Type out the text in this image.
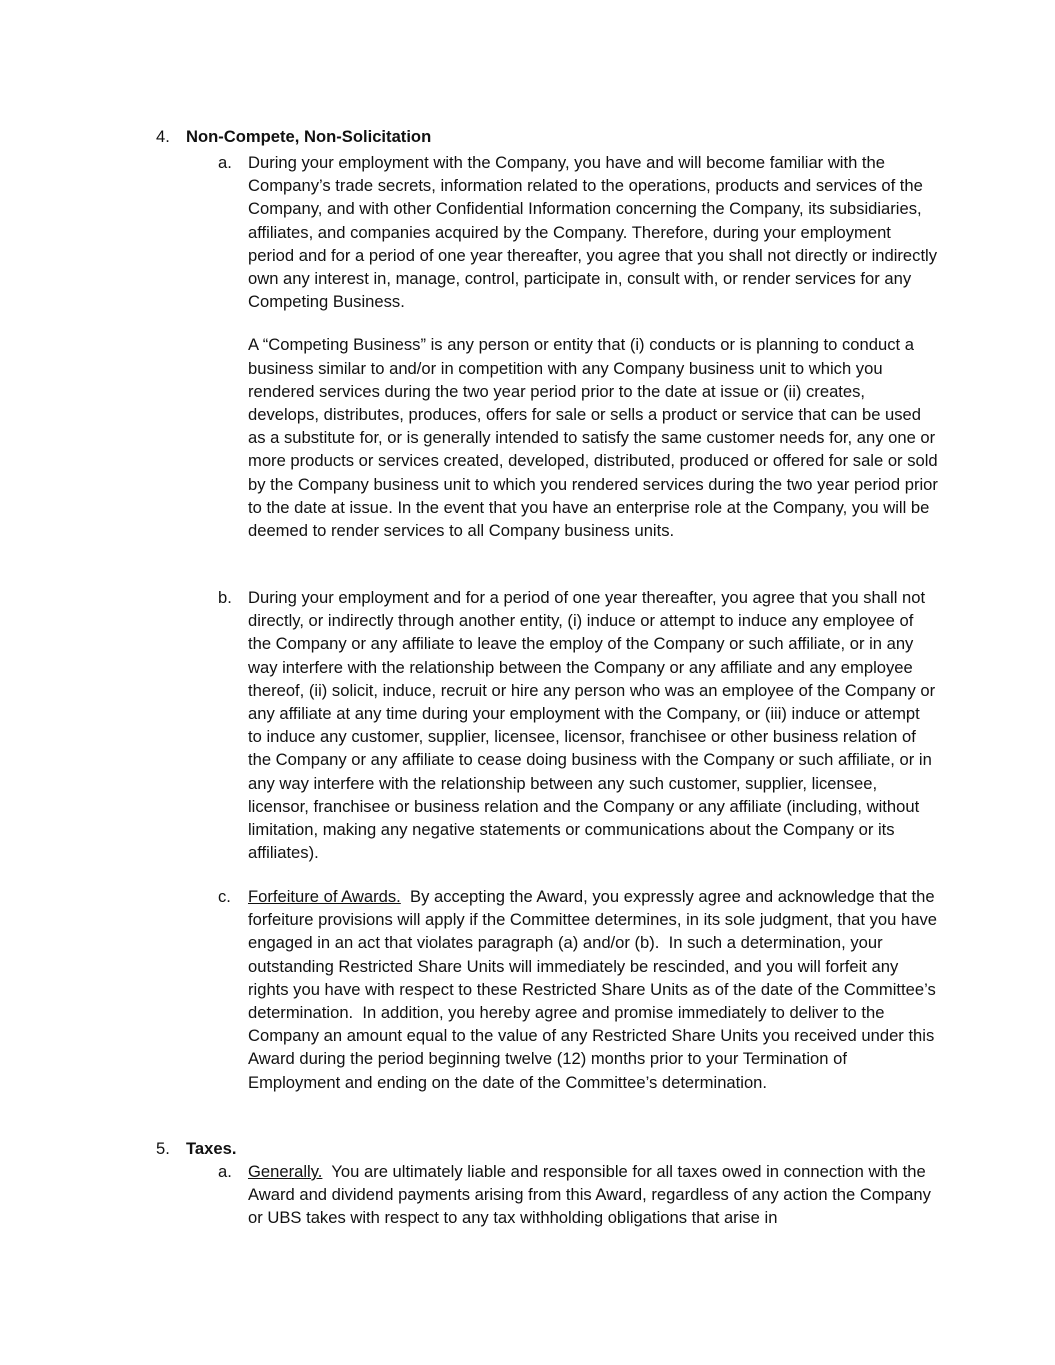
4. Non-Compete, Non-Solicitation
a. During your employment with the Company, you have and will become familiar with the Company’s trade secrets, information related to the operations, products and services of the Company, and with other Confidential Information concerning the Company, its subsidiaries, affiliates, and companies acquired by the Company. Therefore, during your employment period and for a period of one year thereafter, you agree that you shall not directly or indirectly own any interest in, manage, control, participate in, consult with, or render services for any Competing Business.

A “Competing Business” is any person or entity that (i) conducts or is planning to conduct a business similar to and/or in competition with any Company business unit to which you rendered services during the two year period prior to the date at issue or (ii) creates, develops, distributes, produces, offers for sale or sells a product or service that can be used as a substitute for, or is generally intended to satisfy the same customer needs for, any one or more products or services created, developed, distributed, produced or offered for sale or sold by the Company business unit to which you rendered services during the two year period prior to the date at issue. In the event that you have an enterprise role at the Company, you will be deemed to render services to all Company business units.

b. During your employment and for a period of one year thereafter, you agree that you shall not directly, or indirectly through another entity, (i) induce or attempt to induce any employee of the Company or any affiliate to leave the employ of the Company or such affiliate, or in any way interfere with the relationship between the Company or any affiliate and any employee thereof, (ii) solicit, induce, recruit or hire any person who was an employee of the Company or any affiliate at any time during your employment with the Company, or (iii) induce or attempt to induce any customer, supplier, licensee, licensor, franchisee or other business relation of the Company or any affiliate to cease doing business with the Company or such affiliate, or in any way interfere with the relationship between any such customer, supplier, licensee, licensor, franchisee or business relation and the Company or any affiliate (including, without limitation, making any negative statements or communications about the Company or its affiliates).

c. Forfeiture of Awards.  By accepting the Award, you expressly agree and acknowledge that the forfeiture provisions will apply if the Committee determines, in its sole judgment, that you have engaged in an act that violates paragraph (a) and/or (b).  In such a determination, your outstanding Restricted Share Units will immediately be rescinded, and you will forfeit any rights you have with respect to these Restricted Share Units as of the date of the Committee’s determination.  In addition, you hereby agree and promise immediately to deliver to the Company an amount equal to the value of any Restricted Share Units you received under this Award during the period beginning twelve (12) months prior to your Termination of Employment and ending on the date of the Committee’s determination.

5. Taxes.
a. Generally.  You are ultimately liable and responsible for all taxes owed in connection with the Award and dividend payments arising from this Award, regardless of any action the Company or UBS takes with respect to any tax withholding obligations that arise in
